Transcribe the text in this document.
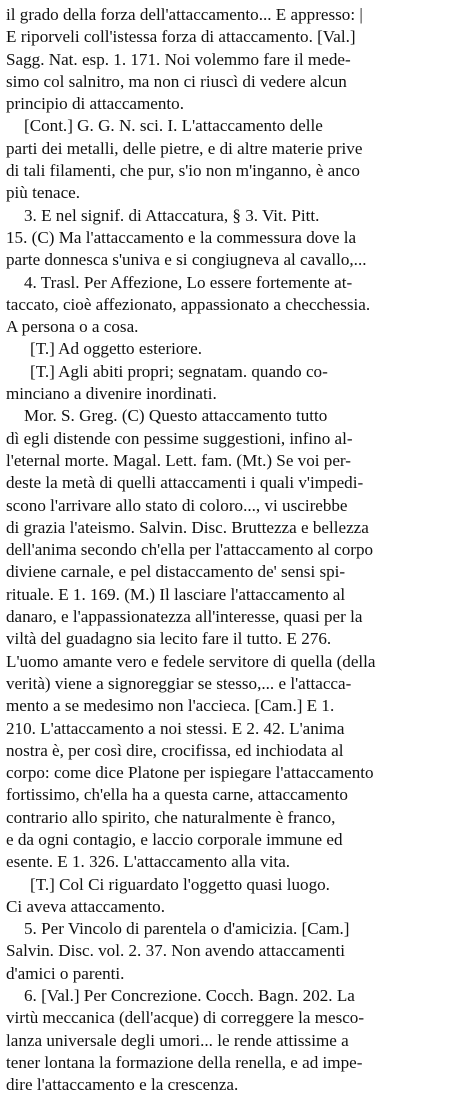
il grado della forza dell'attaccamento... E appresso: |
E riporveli coll'istessa forza di attaccamento. [Val.]
Sagg. Nat. esp. 1. 171. Noi volemmo fare il mede-
simo col salnitro, ma non ci riuscì di vedere alcun
principio di attaccamento.
[Cont.] G. G. N. sci. I. L'attaccamento delle
parti dei metalli, delle pietre, e di altre materie prive
di tali filamenti, che pur, s'io non m'inganno, è anco
più tenace.
3. E nel signif. di Attaccatura, § 3. Vit. Pitt.
15. (C) Ma l'attaccamento e la commessura dove la
parte donnesca s'univa e si congiugneva al cavallo,...
4. Trasl. Per Affezione, Lo essere fortemente at-
taccato, cioè affezionato, appassionato a checchessia.
A persona o a cosa.
[T.] Ad oggetto esteriore.
[T.] Agli abiti propri; segnatam. quando co-
minciano a divenire inordinati.
Mor. S. Greg. (C) Questo attaccamento tutto
dì egli distende con pessime suggestioni, infino al-
l'eternal morte. Magal. Lett. fam. (Mt.) Se voi per-
deste la metà di quelli attaccamenti i quali v'impedi-
scono l'arrivare allo stato di coloro..., vi uscirebbe
di grazia l'ateismo. Salvin. Disc. Bruttezza e bellezza
dell'anima secondo ch'ella per l'attaccamento al corpo
diviene carnale, e pel distaccamento de' sensi spi-
rituale. E 1. 169. (M.) Il lasciare l'attaccamento al
danaro, e l'appassionatezza all'interesse, quasi per la
viltà del guadagno sia lecito fare il tutto. E 276.
L'uomo amante vero e fedele servitore di quella (della
verità) viene a signoreggiar se stesso,... e l'attacca-
mento a se medesimo non l'accieca. [Cam.] E 1.
210. L'attaccamento a noi stessi. E 2. 42. L'anima
nostra è, per così dire, crocifissa, ed inchiodata al
corpo: come dice Platone per ispiegare l'attaccamento
fortissimo, ch'ella ha a questa carne, attaccamento
contrario allo spirito, che naturalmente è franco,
e da ogni contagio, e laccio corporale immune ed
esente. E 1. 326. L'attaccamento alla vita.
[T.] Col Ci riguardato l'oggetto quasi luogo.
Ci aveva attaccamento.
5. Per Vincolo di parentela o d'amicizia. [Cam.]
Salvin. Disc. vol. 2. 37. Non avendo attaccamenti
d'amici o parenti.
6. [Val.] Per Concrezione. Cocch. Bagn. 202. La
virtù meccanica (dell'acque) di correggere la mesco-
lanza universale degli umori... le rende attissime a
tener lontana la formazione della renella, e ad impe-
dire l'attaccamento e la crescenza.
